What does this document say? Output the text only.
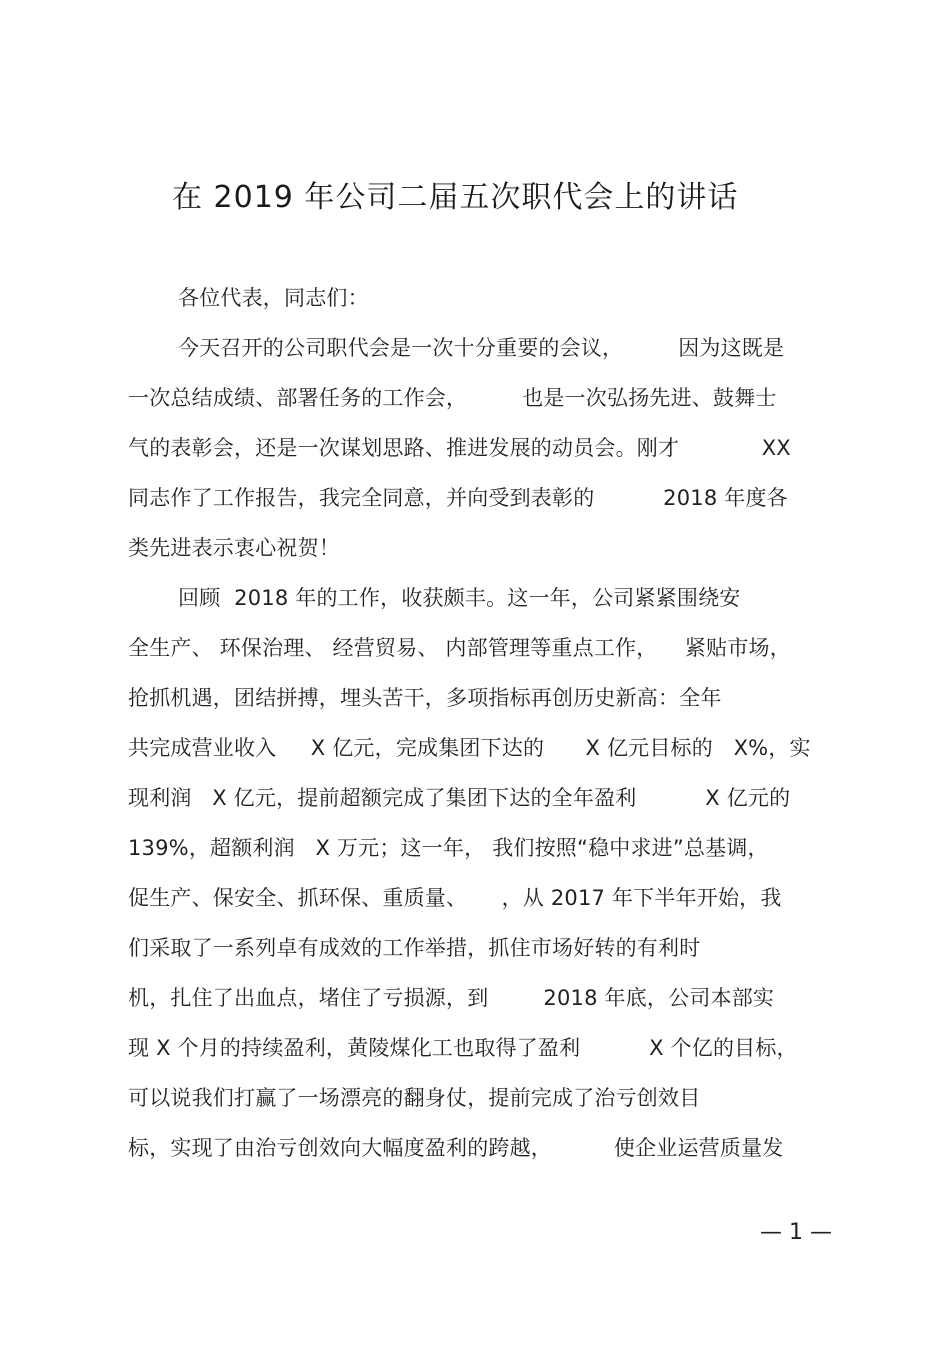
在 2019 年公司二届五次职代会上的讲话
各位代表，同志们：
今天召开的公司职代会是一次十分重要的会议，        因为这既是
一次总结成绩、部署任务的工作会，        也是一次弘扬先进、鼓舞士
气的表彰会，还是一次谋划思路、推进发展的动员会。刚才            XX
同志作了工作报告，我完全同意，并向受到表彰的          2018 年度各
类先进表示衷心祝贺！
回顾  2018 年的工作，收获颇丰。这一年，公司紧紧围绕安
全生产、 环保治理、 经营贸易、 内部管理等重点工作，    紧贴市场，
抢抓机遇，团结拼搏，埋头苦干，多项指标再创历史新高：全年
共完成营业收入     X 亿元，完成集团下达的      X 亿元目标的   X%，实
现利润   X 亿元，提前超额完成了集团下达的全年盈利          X 亿元的
139%，超额利润   X 万元；这一年， 我们按照“稳中求进”总基调，
促生产、保安全、抓环保、重质量、     ，从 2017 年下半年开始，我
们采取了一系列卓有成效的工作举措，抓住市场好转的有利时
机，扎住了出血点，堵住了亏损源，到        2018 年底，公司本部实
现 X 个月的持续盈利，黄陵煤化工也取得了盈利          X 个亿的目标，
可以说我们打赢了一场漂亮的翻身仗，提前完成了治亏创效目
标，实现了由治亏创效向大幅度盈利的跨越，         使企业运营质量发
— 1 —
